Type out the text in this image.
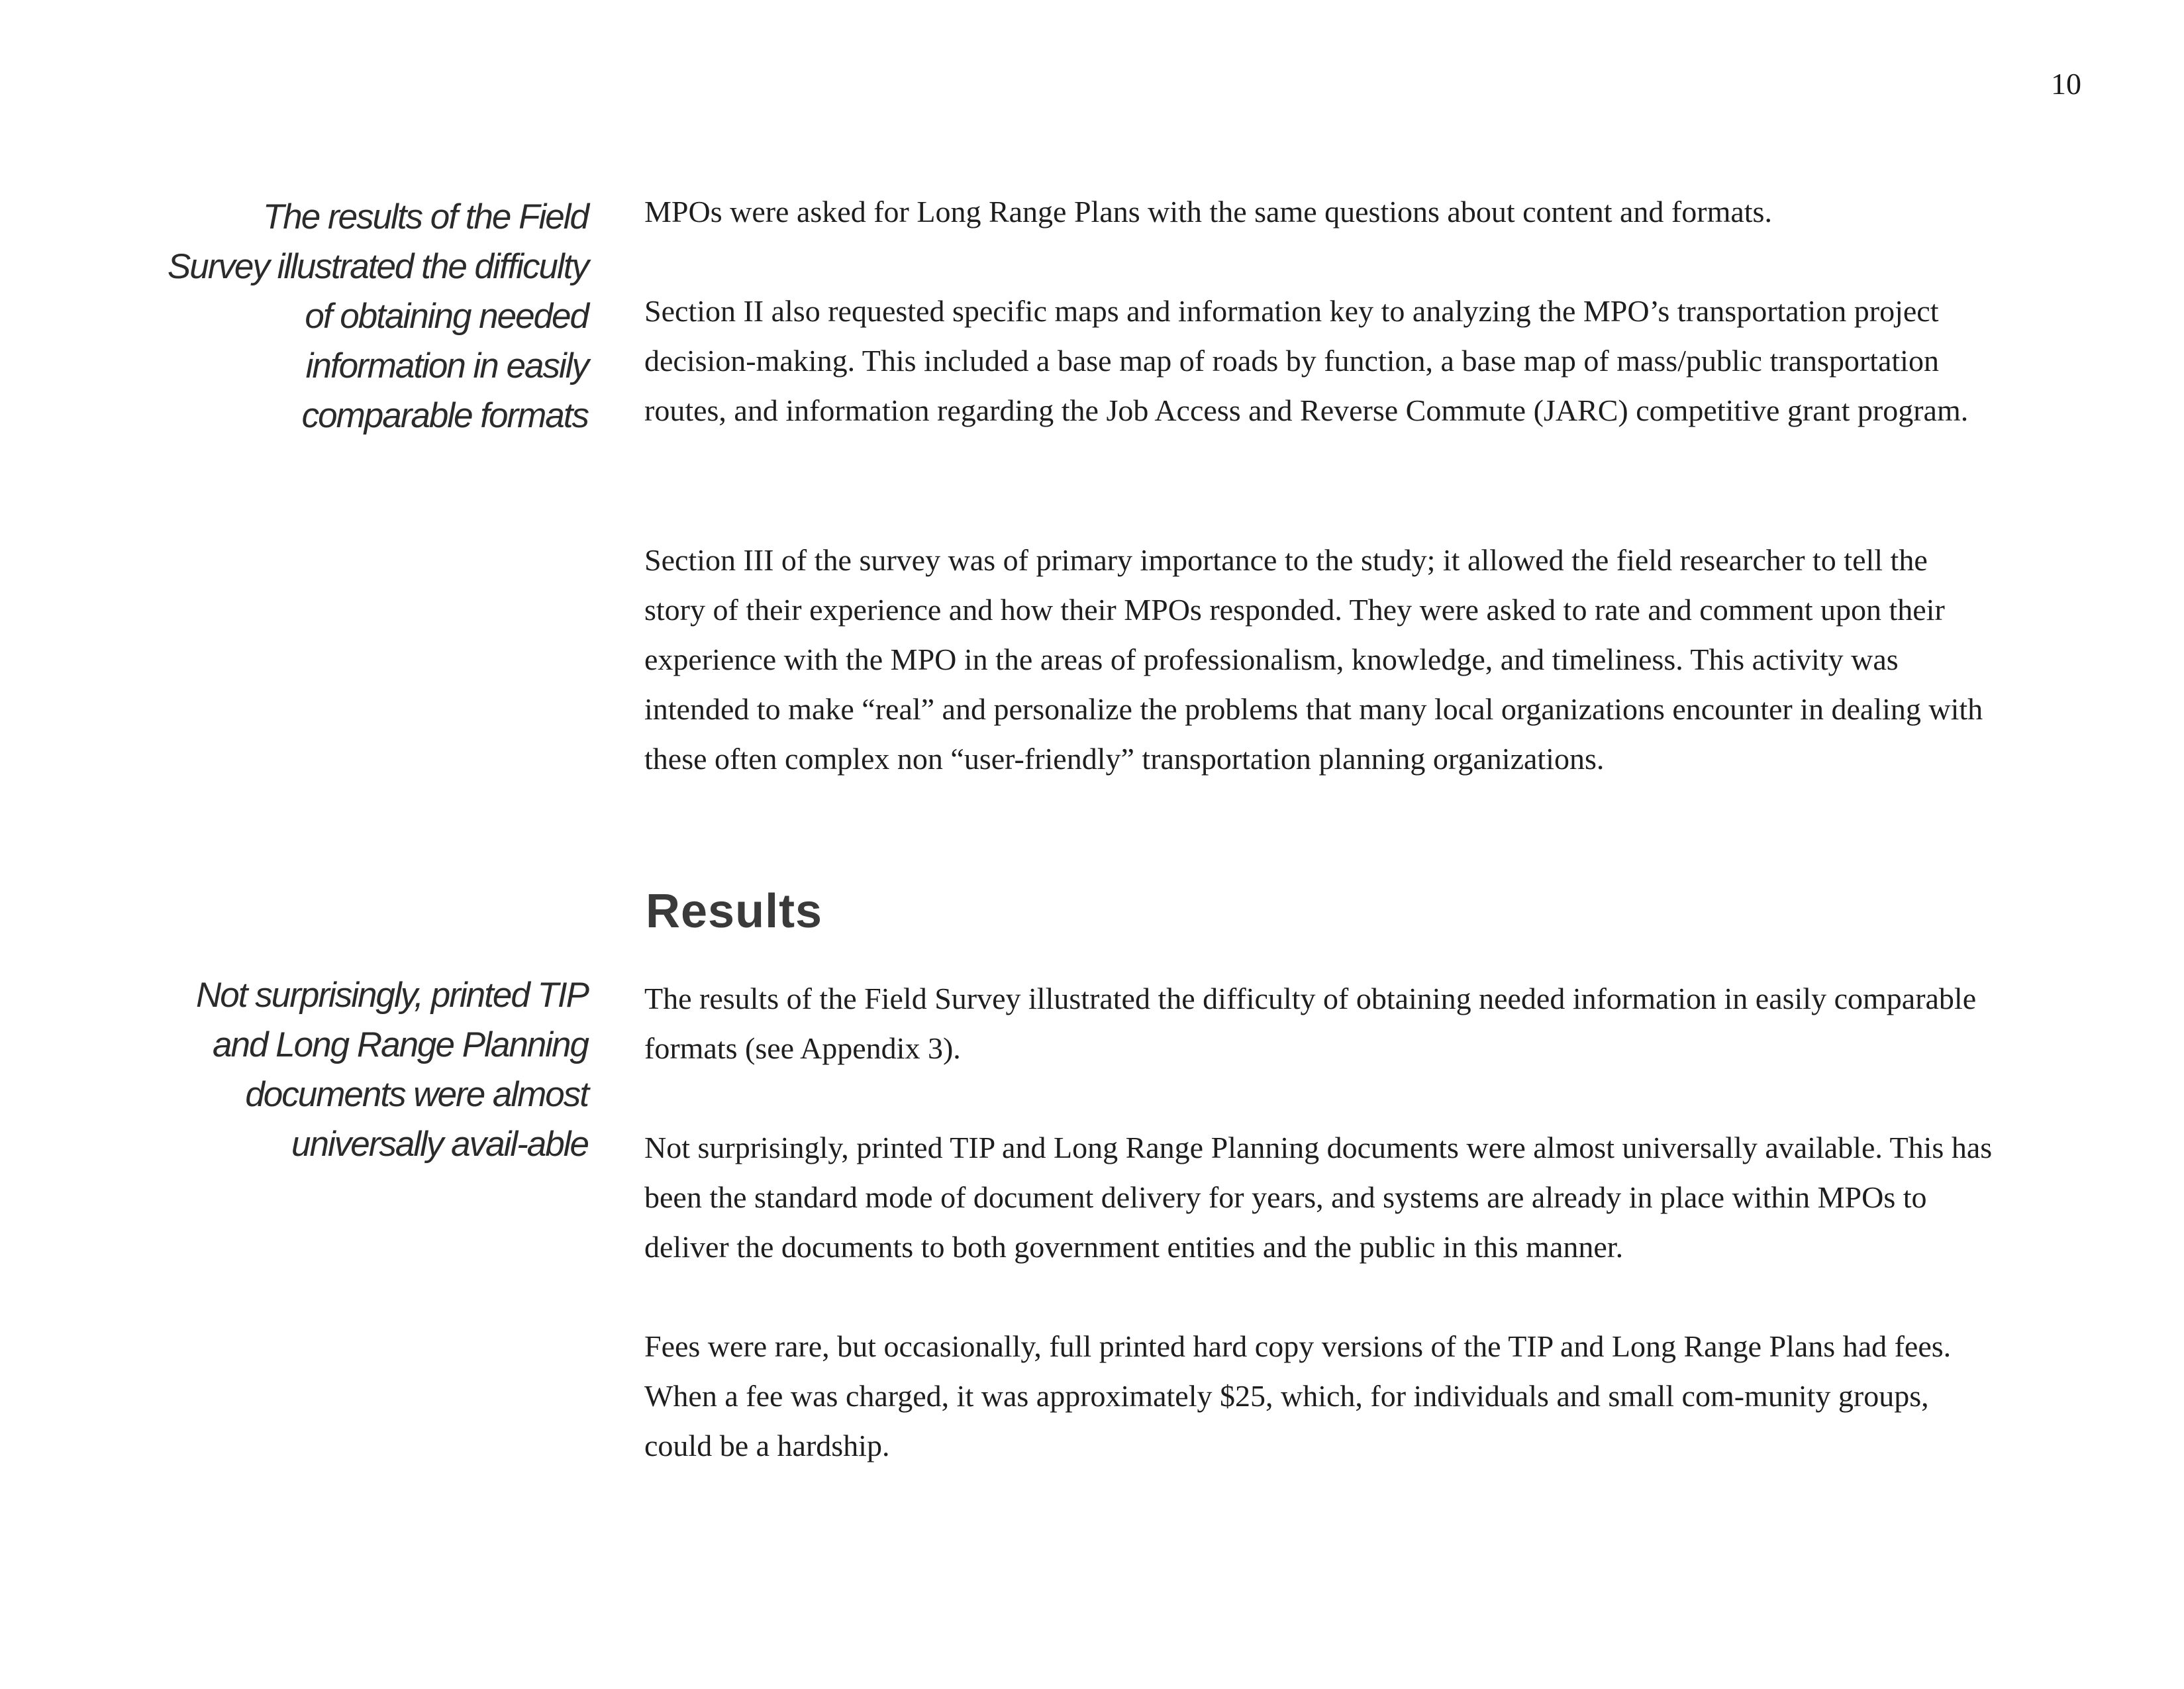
10
The results of the Field Survey illustrated the difficulty of obtaining needed information in easily comparable formats
Not surprisingly, printed TIP and Long Range Planning documents were almost universally avail-able
MPOs were asked for Long Range Plans with the same questions about content and formats.
Section II also requested specific maps and information key to analyzing the MPO’s transportation project decision-making. This included a base map of roads by function, a base map of mass/public transportation routes, and information regarding the Job Access and Reverse Commute (JARC) competitive grant program.
Section III of the survey was of primary importance to the study; it allowed the field researcher to tell the story of their experience and how their MPOs responded. They were asked to rate and comment upon their experience with the MPO in the areas of professionalism, knowledge, and timeliness. This activity was intended to make “real” and personalize the problems that many local organizations encounter in dealing with these often complex non “user-friendly” transportation planning organizations.
Results
The results of the Field Survey illustrated the difficulty of obtaining needed information in easily comparable formats (see Appendix 3).
Not surprisingly, printed TIP and Long Range Planning documents were almost universally available. This has been the standard mode of document delivery for years, and systems are already in place within MPOs to deliver the documents to both government entities and the public in this manner.
Fees were rare, but occasionally, full printed hard copy versions of the TIP and Long Range Plans had fees. When a fee was charged, it was approximately $25, which, for individuals and small com-munity groups, could be a hardship.
